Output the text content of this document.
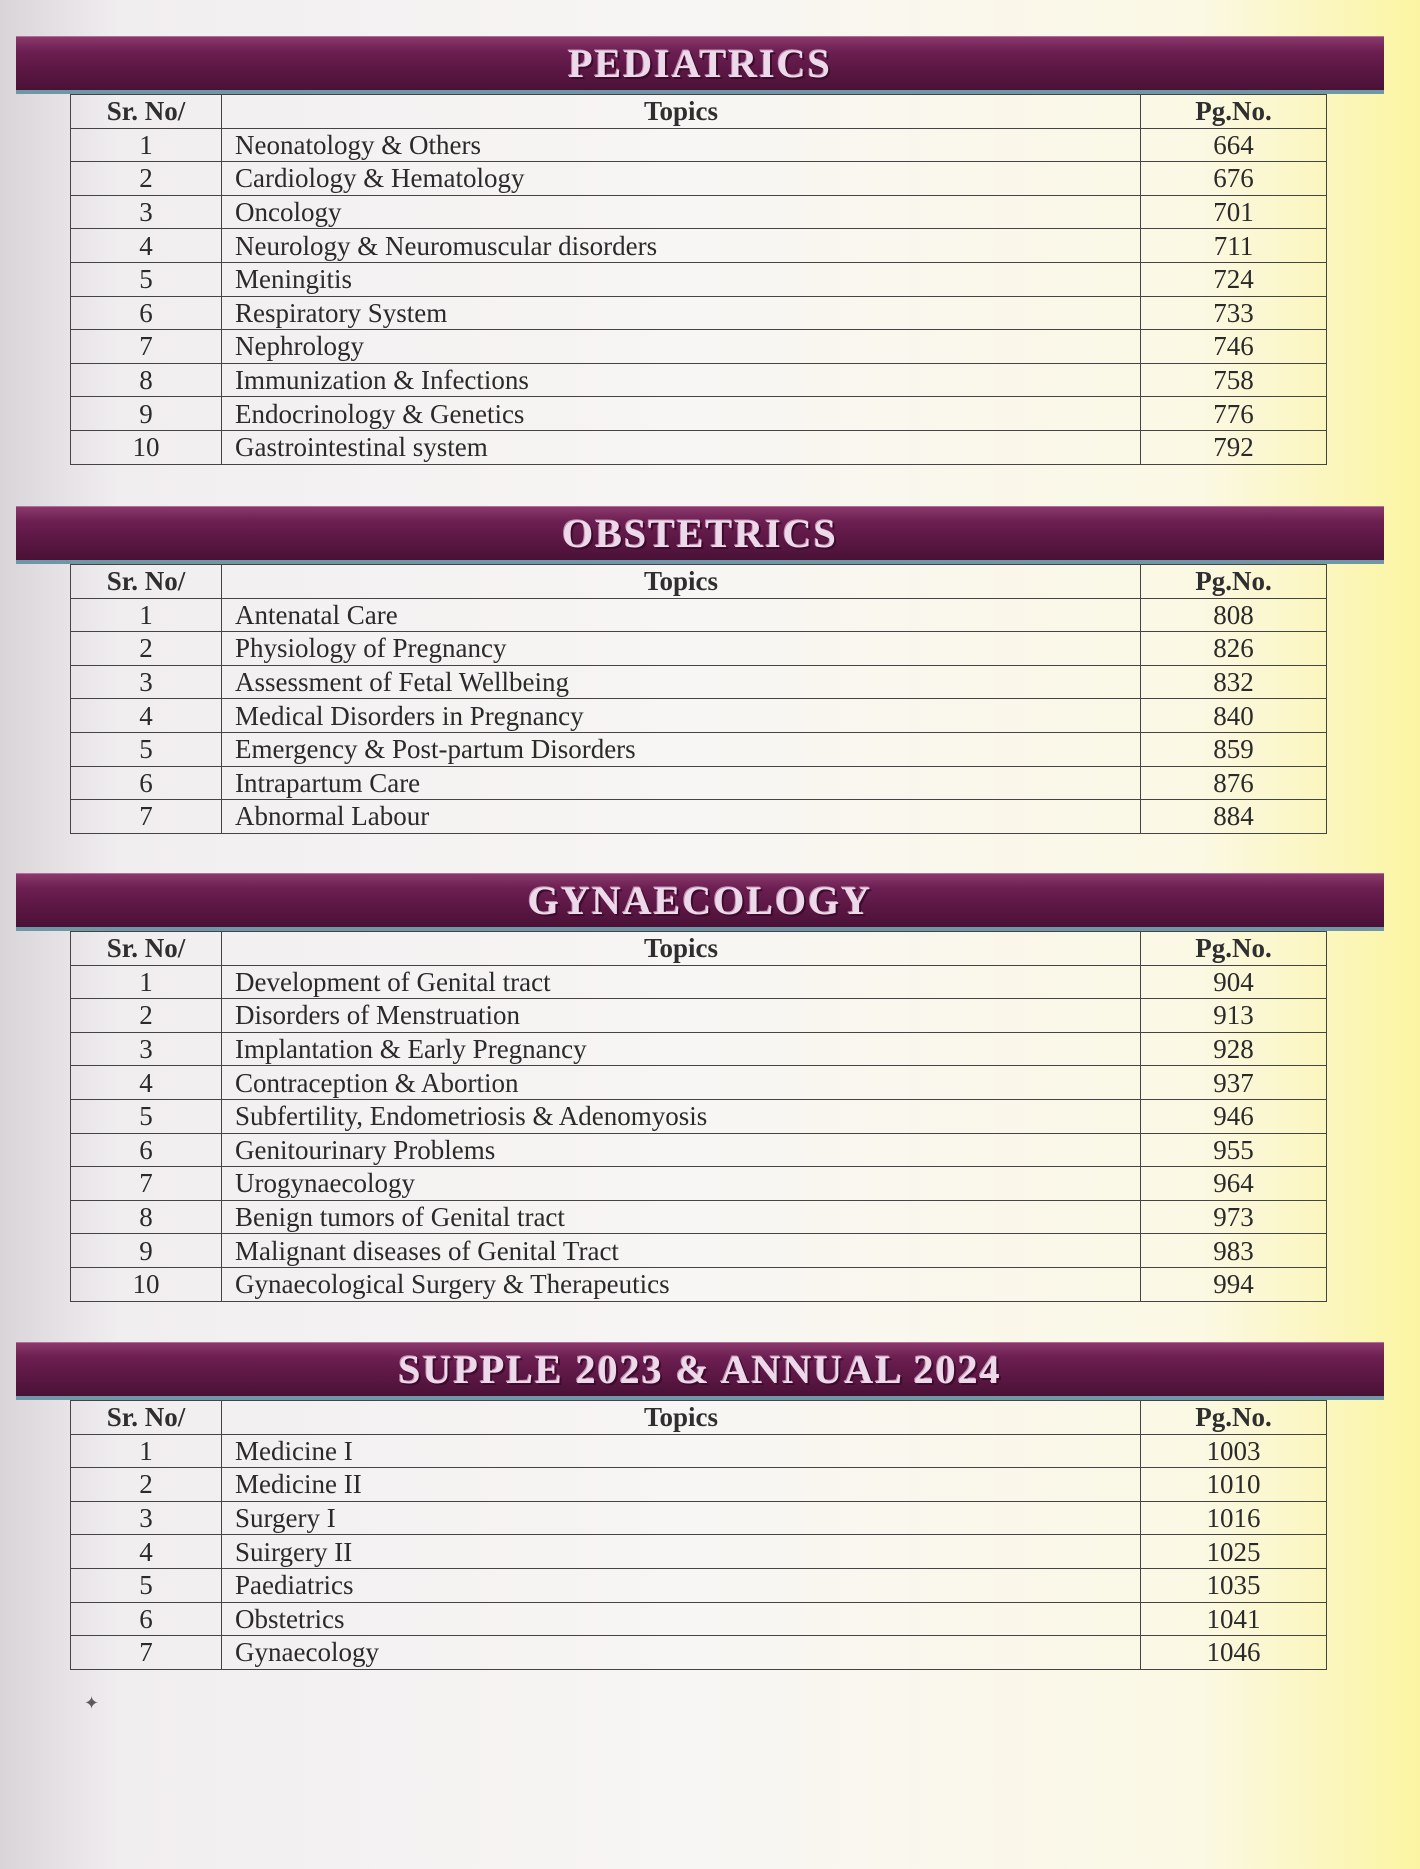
PEDIATRICS
Sr. No/	Topics	Pg.No.
1	Neonatology & Others	664
2	Cardiology & Hematology	676
3	Oncology	701
4	Neurology & Neuromuscular disorders	711
5	Meningitis	724
6	Respiratory System	733
7	Nephrology	746
8	Immunization & Infections	758
9	Endocrinology & Genetics	776
10	Gastrointestinal system	792
OBSTETRICS
Sr. No/	Topics	Pg.No.
1	Antenatal Care	808
2	Physiology of Pregnancy	826
3	Assessment of Fetal Wellbeing	832
4	Medical Disorders in Pregnancy	840
5	Emergency & Post-partum Disorders	859
6	Intrapartum Care	876
7	Abnormal Labour	884
GYNAECOLOGY
Sr. No/	Topics	Pg.No.
1	Development of Genital tract	904
2	Disorders of Menstruation	913
3	Implantation & Early Pregnancy	928
4	Contraception & Abortion	937
5	Subfertility, Endometriosis & Adenomyosis	946
6	Genitourinary Problems	955
7	Urogynaecology	964
8	Benign tumors of Genital tract	973
9	Malignant diseases of Genital Tract	983
10	Gynaecological Surgery & Therapeutics	994
SUPPLE 2023 & ANNUAL 2024
Sr. No/	Topics	Pg.No.
1	Medicine I	1003
2	Medicine II	1010
3	Surgery I	1016
4	Suirgery II	1025
5	Paediatrics	1035
6	Obstetrics	1041
7	Gynaecology	1046
✦
